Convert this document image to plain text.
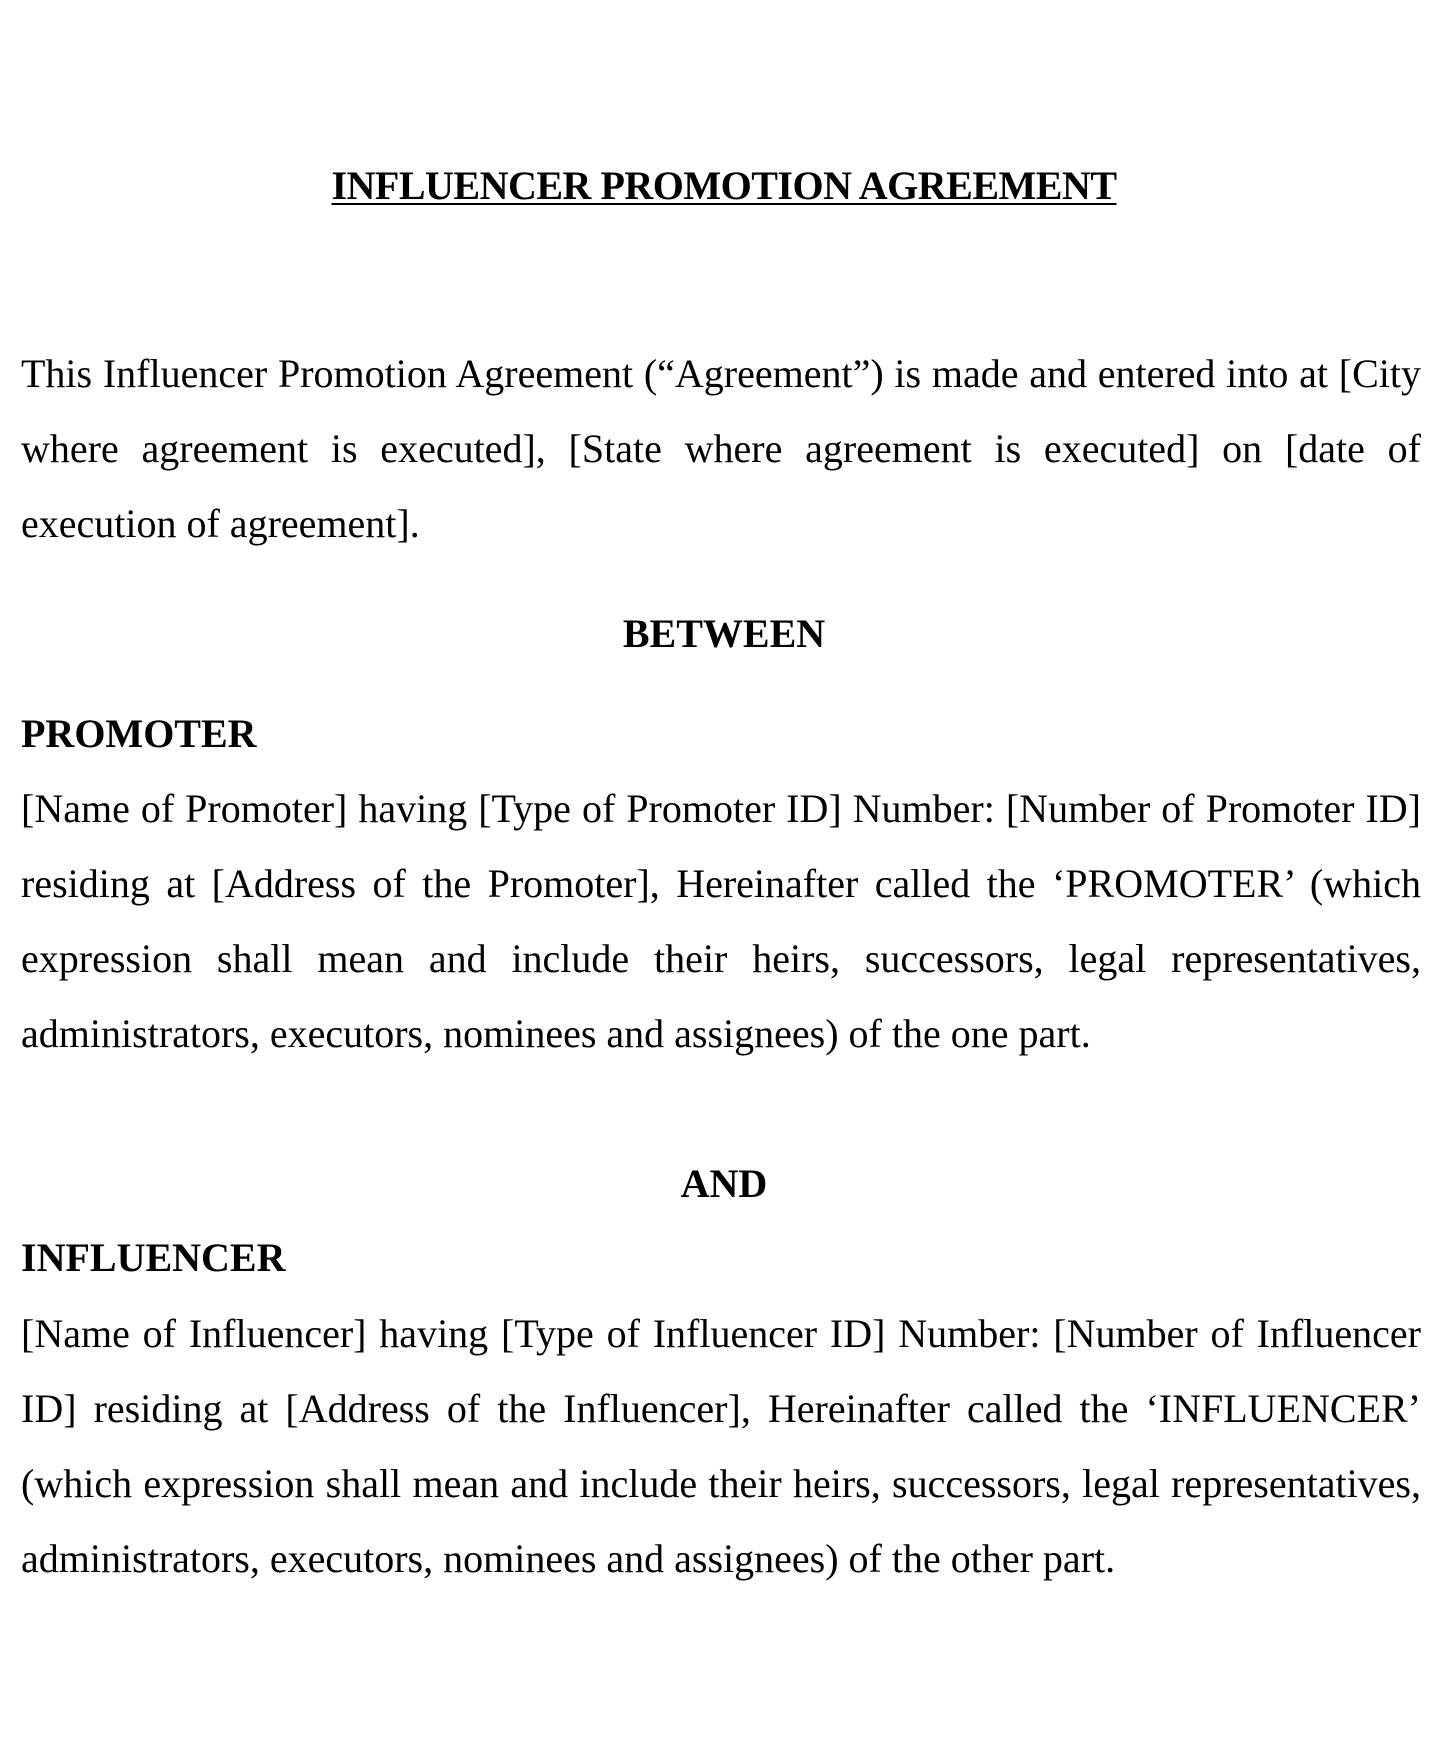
INFLUENCER PROMOTION AGREEMENT

This Influencer Promotion Agreement (“Agreement”) is made and entered into at [City where agreement is executed], [State where agreement is executed] on [date of execution of agreement].

BETWEEN
PROMOTER

[Name of Promoter] having [Type of Promoter ID] Number: [Number of Promoter ID] residing at [Address of the Promoter], Hereinafter called the ‘PROMOTER’ (which expression shall mean and include their heirs, successors, legal representatives, administrators, executors, nominees and assignees) of the one part.

AND
INFLUENCER

[Name of Influencer] having [Type of Influencer ID] Number: [Number of Influencer ID] residing at [Address of the Influencer], Hereinafter called the ‘INFLUENCER’ (which expression shall mean and include their heirs, successors, legal representatives, administrators, executors, nominees and assignees) of the other part.
